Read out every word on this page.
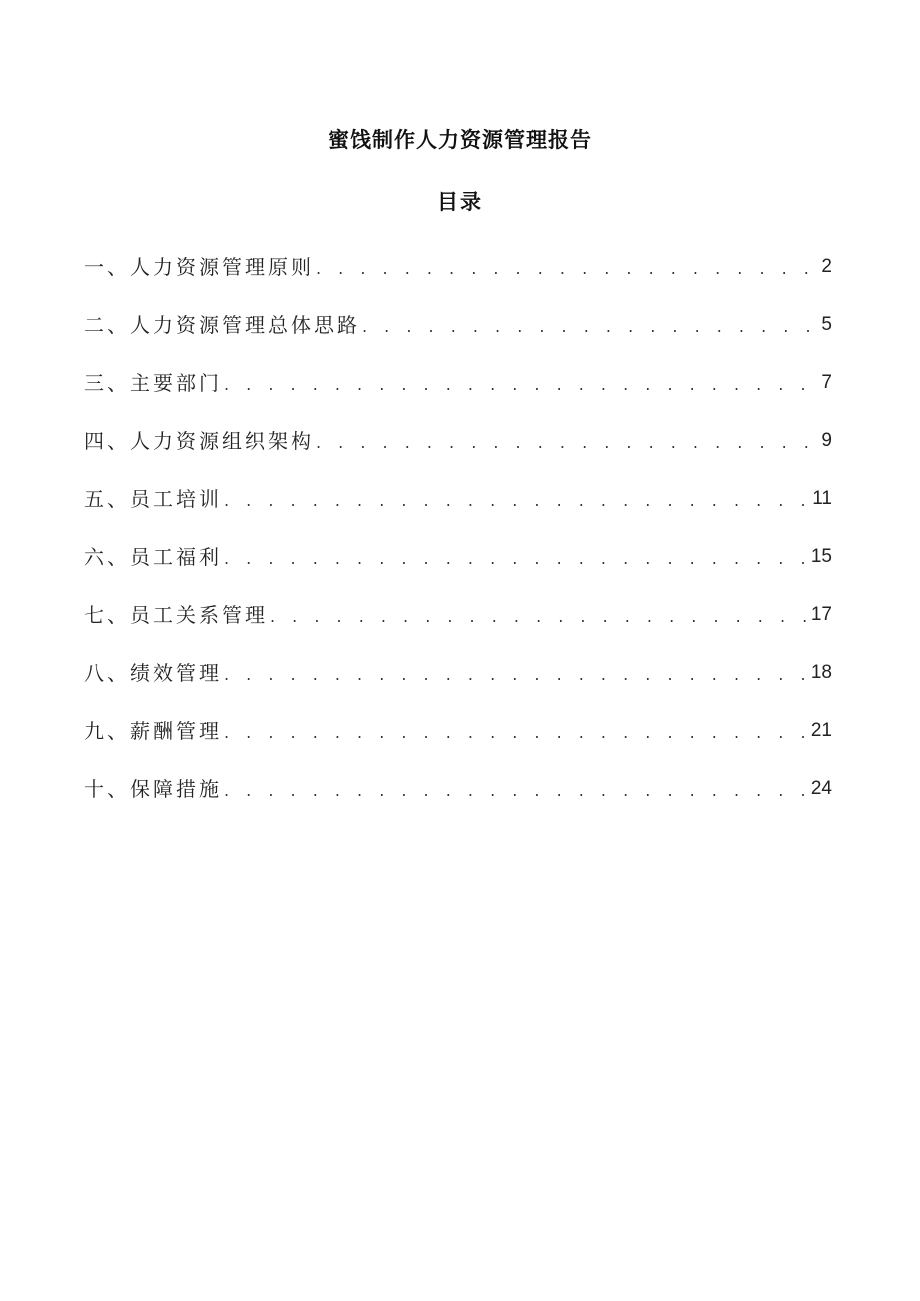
蜜饯制作人力资源管理报告
目录
一、人力资源管理原则 . . .	2
二、人力资源管理总体思路 . . .	5
三、主要部门 . . .	7
四、人力资源组织架构 . . .	9
五、员工培训 . . .	11
六、员工福利 . . .	15
七、员工关系管理 . . .	17
八、绩效管理 . . .	18
九、薪酬管理 . . .	21
十、保障措施 . . .	24
